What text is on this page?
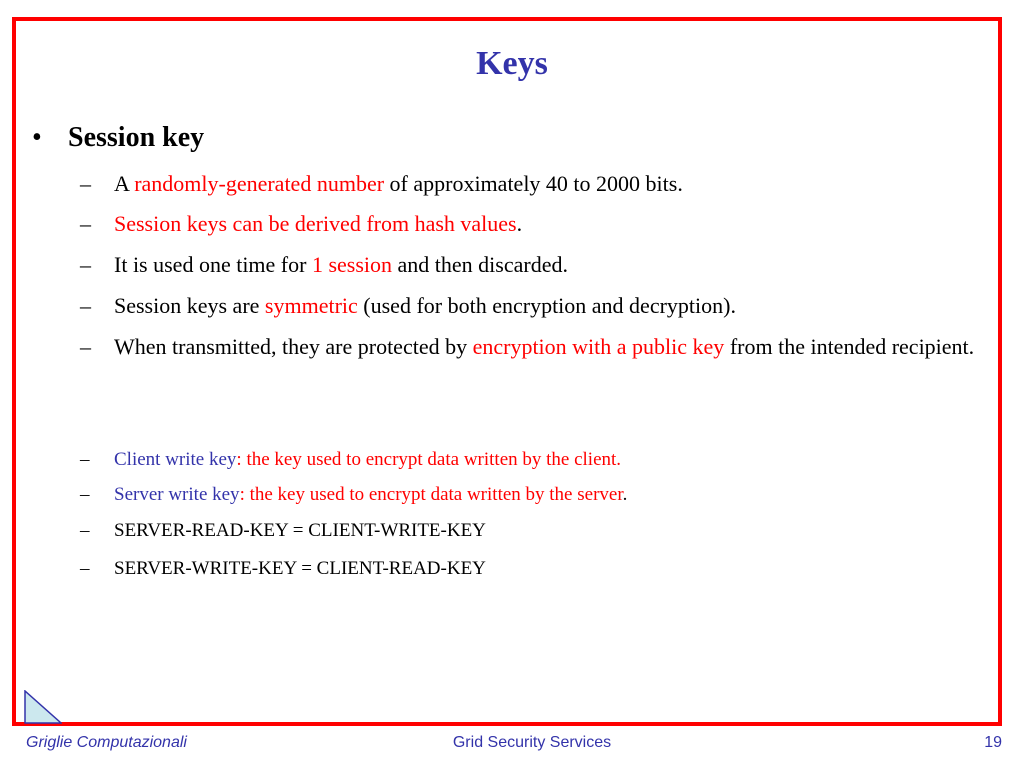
Keys
• Session key
– A randomly-generated number of approximately 40 to 2000 bits.
– Session keys can be derived from hash values.
– It is used one time for 1 session and then discarded.
– Session keys are symmetric (used for both encryption and decryption).
– When transmitted, they are protected by encryption with a public key from the intended recipient.
– Client write key: the key used to encrypt data written by the client.
– Server write key: the key used to encrypt data written by the server.
– SERVER-READ-KEY = CLIENT-WRITE-KEY
– SERVER-WRITE-KEY = CLIENT-READ-KEY
Griglie Computazionali	Grid Security Services	19
